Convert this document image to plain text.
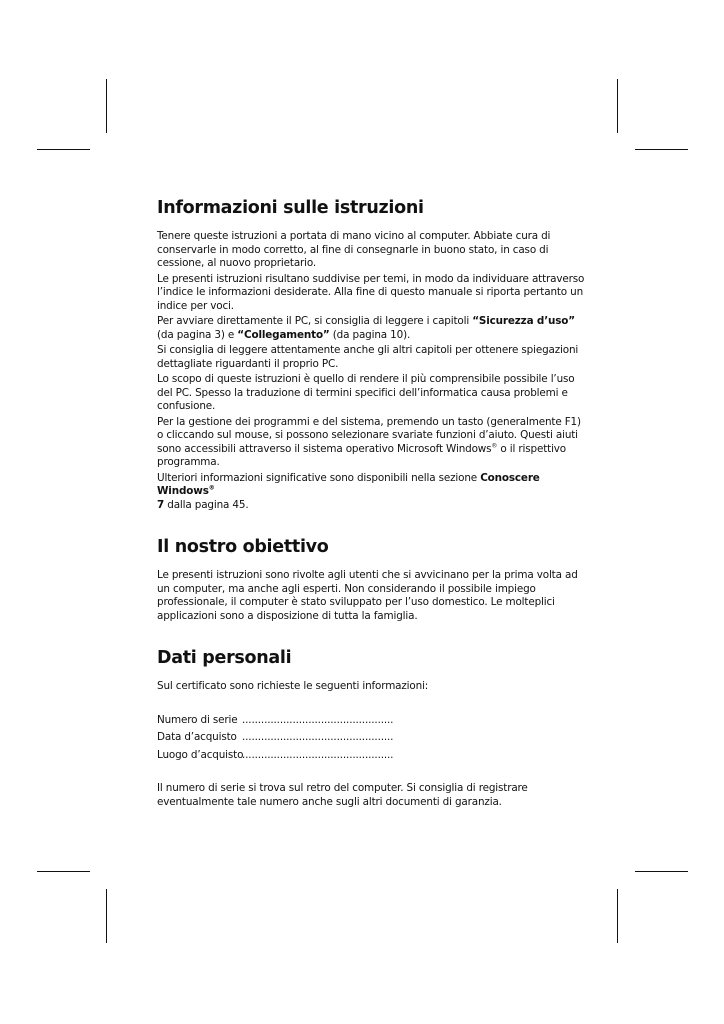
Informazioni sulle istruzioni

Tenere queste istruzioni a portata di mano vicino al computer. Abbiate cura di conservarle in modo corretto, al fine di consegnarle in buono stato, in caso di cessione, al nuovo proprietario.

Le presenti istruzioni risultano suddivise per temi, in modo da individuare attraverso l’indice le informazioni desiderate. Alla fine di questo manuale si riporta pertanto un indice per voci.

Per avviare direttamente il PC, si consiglia di leggere i capitoli “Sicurezza d’uso” (da pagina 3) e “Collegamento” (da pagina 10).

Si consiglia di leggere attentamente anche gli altri capitoli per ottenere spiegazioni dettagliate riguardanti il proprio PC.

Lo scopo di queste istruzioni è quello di rendere il più comprensibile possibile l’uso del PC. Spesso la traduzione di termini specifici dell’informatica causa problemi e confusione.

Per la gestione dei programmi e del sistema, premendo un tasto (generalmente F1) o cliccando sul mouse, si possono selezionare svariate funzioni d’aiuto. Questi aiuti sono accessibili attraverso il sistema operativo Microsoft Windows® o il rispettivo programma.

Ulteriori informazioni significative sono disponibili nella sezione Conoscere Windows®
7 dalla pagina 45.

Il nostro obiettivo

Le presenti istruzioni sono rivolte agli utenti che si avvicinano per la prima volta ad un computer, ma anche agli esperti. Non considerando il possibile impiego professionale, il computer è stato sviluppato per l’uso domestico. Le molteplici applicazioni sono a disposizione di tutta la famiglia.

Dati personali

Sul certificato sono richieste le seguenti informazioni:

Numero di serie ................................................
Data d’acquisto ................................................
Luogo d’acquisto
................................................

Il numero di serie si trova sul retro del computer. Si consiglia di registrare eventualmente tale numero anche sugli altri documenti di garanzia.
